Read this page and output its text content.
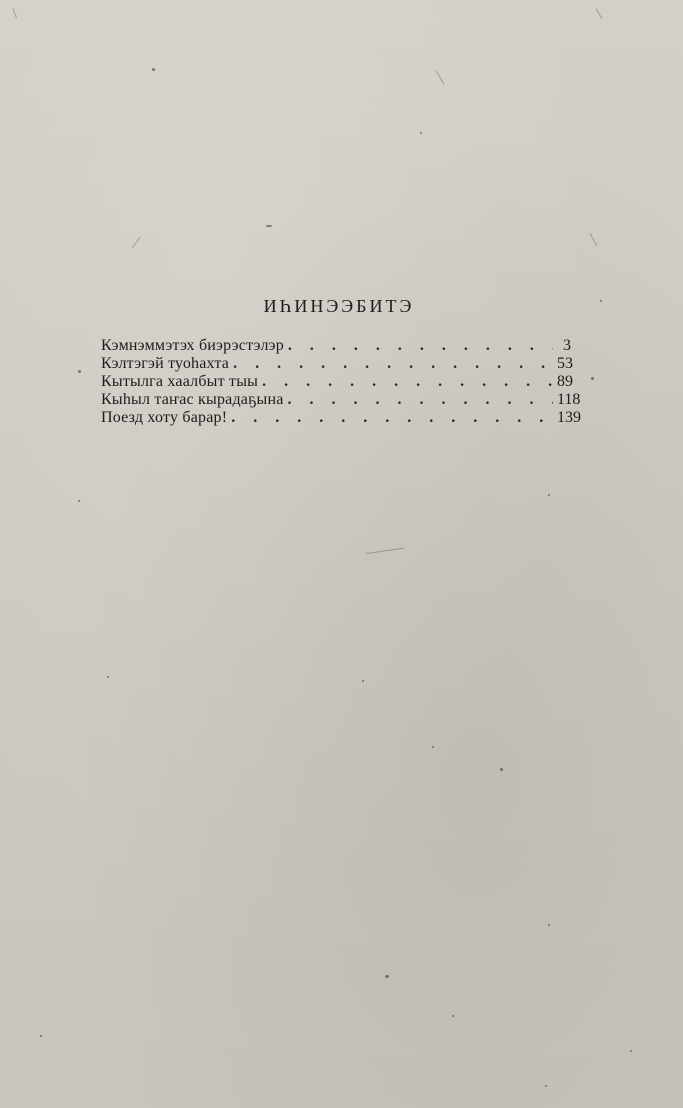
ИҺИНЭЭБИТЭ
Кэмнэммэтэх биэрэстэлэр . . .	3
Кэлтэгэй туоһахта . . .	53
Кытылга хаалбыт тыы . . .	89
Кыһыл таҥас кырадаҕына . . .	118
Поезд хоту барар! . . .	139
